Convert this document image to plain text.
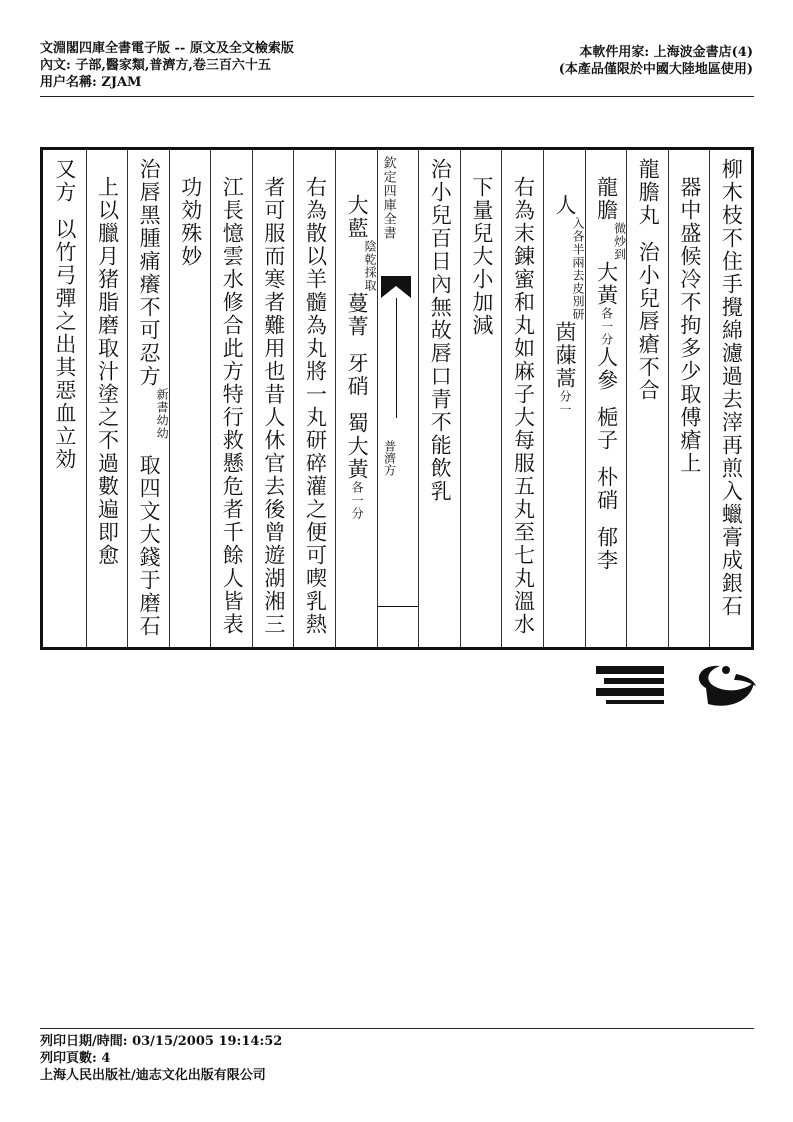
文淵閣四庫全書電子版 -- 原文及全文檢索版
內文: 子部,醫家類,普濟方,卷三百六十五
用户名稱: ZJAM
本軟件用家: 上海波金書店(4)
(本產品僅限於中國大陸地區使用)
柳木枝不住手攪綿濾過去滓再煎入蠟膏成銀石
器中盛候冷不拘多少取傅瘡上
龍膽丸治小兒唇瘡不合
龍膽
到
微炒
大黃各一分人參梔子朴硝郁李
人
去皮別研
入各半兩
茵蔯蒿分一
右為末錬蜜和丸如麻子大每服五丸至七丸溫水
下量兒大小加減
治小兒百日內無故唇口青不能飲乳
欽定四庫全書
普濟方
大藍
採取
陰乾
蔓菁牙硝蜀大黃各一分
右為散以羊髓為丸將一丸研碎灌之便可喫乳熱
者可服而寒者難用也昔人休官去後曾遊湖湘三
江長憶雲水修合此方特行救懸危者千餘人皆表
功効殊妙
治唇黑腫痛癢不可忍方
幼幼
新書
取四文大錢于磨石
上以臘月猪脂磨取汁塗之不過數遍即愈
又方以竹弓彈之出其惡血立効
列印日期/時間: 03/15/2005 19:14:52
列印頁數: 4
上海人民出版社/迪志文化出版有限公司
